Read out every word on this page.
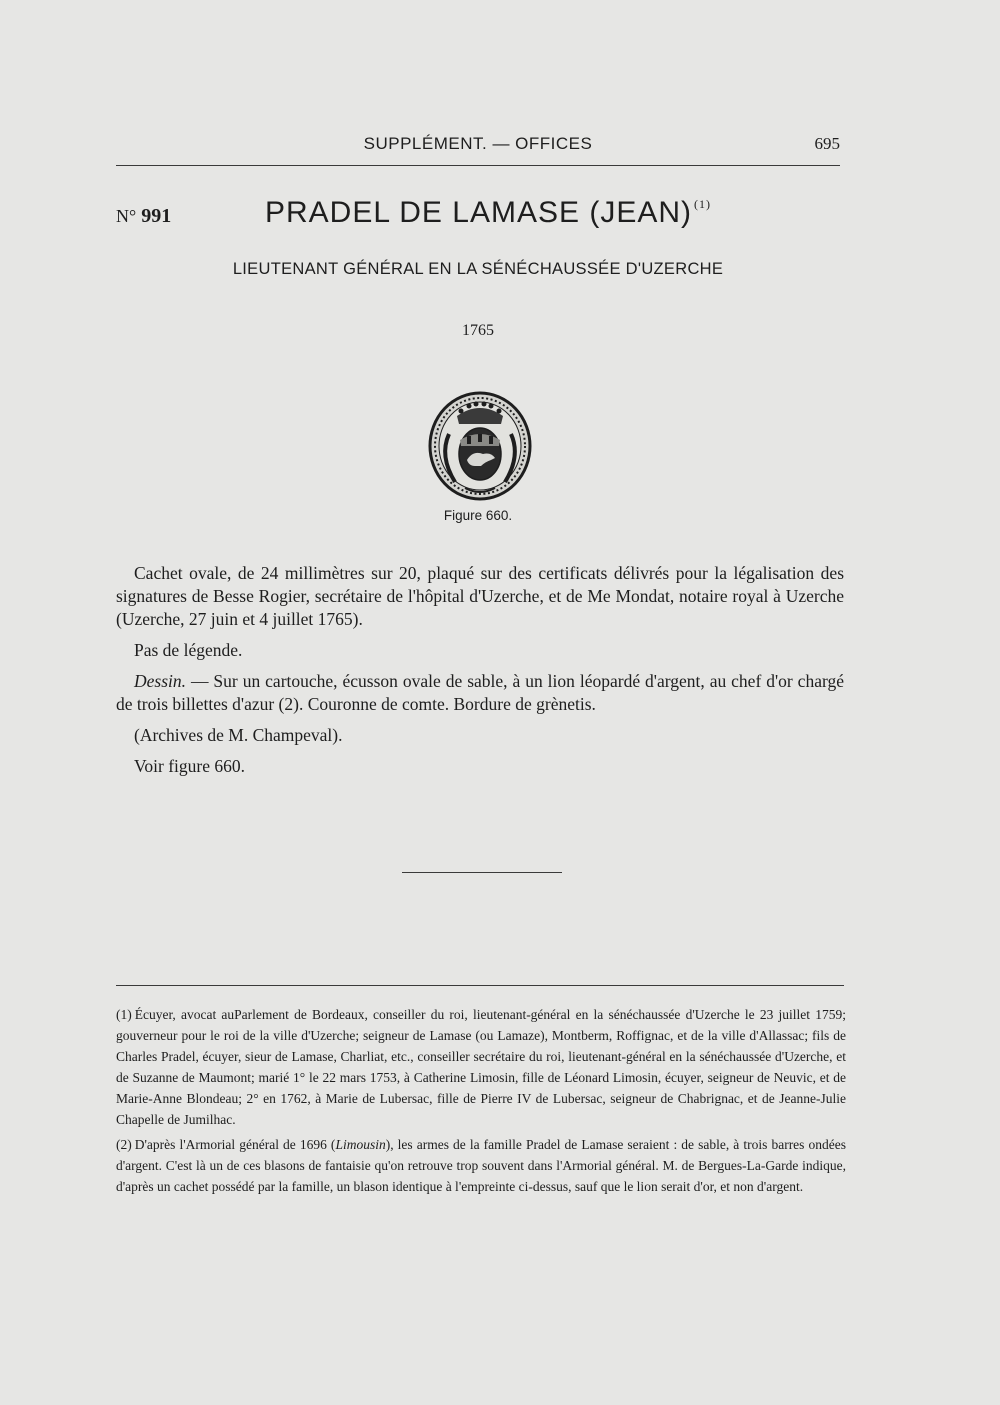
SUPPLÉMENT. — OFFICES	695
N° 991	PRADEL DE LAMASE (JEAN) $^{(1)}$
LIEUTENANT GÉNÉRAL EN LA SÉNÉCHAUSSÉE D'UZERCHE
1765
Figure 660.

Cachet ovale, de 24 millimètres sur 20, plaqué sur des certificats délivrés pour la légalisation des signatures de Besse Rogier, secrétaire de l'hôpital d'Uzerche, et de Me Mondat, notaire royal à Uzerche (Uzerche, 27 juin et 4 juillet 1765).

Pas de légende.

Dessin. — Sur un cartouche, écusson ovale de sable, à un lion léopardé d'argent, au chef d'or chargé de trois billettes d'azur (2). Couronne de comte. Bordure de grènetis.

(Archives de M. Champeval).

Voir figure 660.

(1) Écuyer, avocat auParlement de Bordeaux, conseiller du roi, lieutenant-général en la sénéchaussée d'Uzerche le 23 juillet 1759; gouverneur pour le roi de la ville d'Uzerche; seigneur de Lamase (ou Lamaze), Montberm, Roffignac, et de la ville d'Allassac; fils de Charles Pradel, écuyer, sieur de Lamase, Charliat, etc., conseiller secrétaire du roi, lieutenant-général en la sénéchaussée d'Uzerche, et de Suzanne de Maumont; marié 1° le 22 mars 1753, à Catherine Limosin, fille de Léonard Limosin, écuyer, seigneur de Neuvic, et de Marie-Anne Blondeau; 2° en 1762, à Marie de Lubersac, fille de Pierre IV de Lubersac, seigneur de Chabrignac, et de Jeanne-Julie Chapelle de Jumilhac.

(2) D'après l'Armorial général de 1696 (Limousin), les armes de la famille Pradel de Lamase seraient : de sable, à trois barres ondées d'argent. C'est là un de ces blasons de fantaisie qu'on retrouve trop souvent dans l'Armorial général. M. de Bergues-La-Garde indique, d'après un cachet possédé par la famille, un blason identique à l'empreinte ci-dessus, sauf que le lion serait d'or, et non d'argent.
